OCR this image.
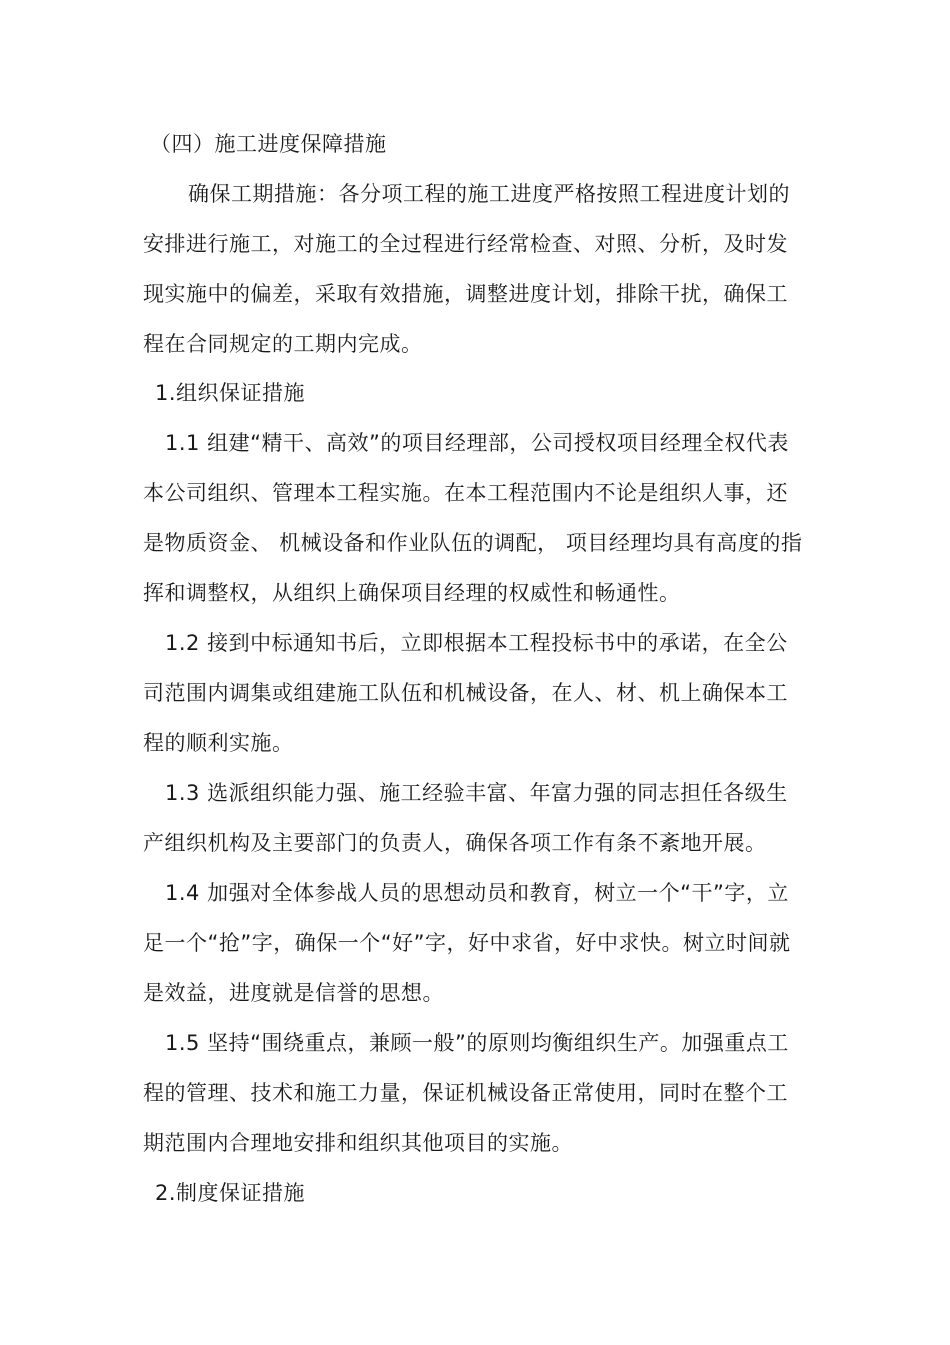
（四）施工进度保障措施
确保工期措施：各分项工程的施工进度严格按照工程进度计划的
安排进行施工，对施工的全过程进行经常检查、对照、分析，及时发
现实施中的偏差，采取有效措施，调整进度计划，排除干扰，确保工
程在合同规定的工期内完成。
1.组织保证措施
1.1 组建“精干、高效”的项目经理部，公司授权项目经理全权代表
本公司组织、管理本工程实施。在本工程范围内不论是组织人事，还
是物质资金、 机械设备和作业队伍的调配， 项目经理均具有高度的指
挥和调整权，从组织上确保项目经理的权威性和畅通性。
1.2 接到中标通知书后，立即根据本工程投标书中的承诺，在全公
司范围内调集或组建施工队伍和机械设备，在人、材、机上确保本工
程的顺利实施。
1.3 选派组织能力强、施工经验丰富、年富力强的同志担任各级生
产组织机构及主要部门的负责人，确保各项工作有条不紊地开展。
1.4 加强对全体参战人员的思想动员和教育，树立一个“干”字，立
足一个“抢”字，确保一个“好”字，好中求省，好中求快。树立时间就
是效益，进度就是信誉的思想。
1.5 坚持“围绕重点，兼顾一般”的原则均衡组织生产。加强重点工
程的管理、技术和施工力量，保证机械设备正常使用，同时在整个工
期范围内合理地安排和组织其他项目的实施。
2.制度保证措施
